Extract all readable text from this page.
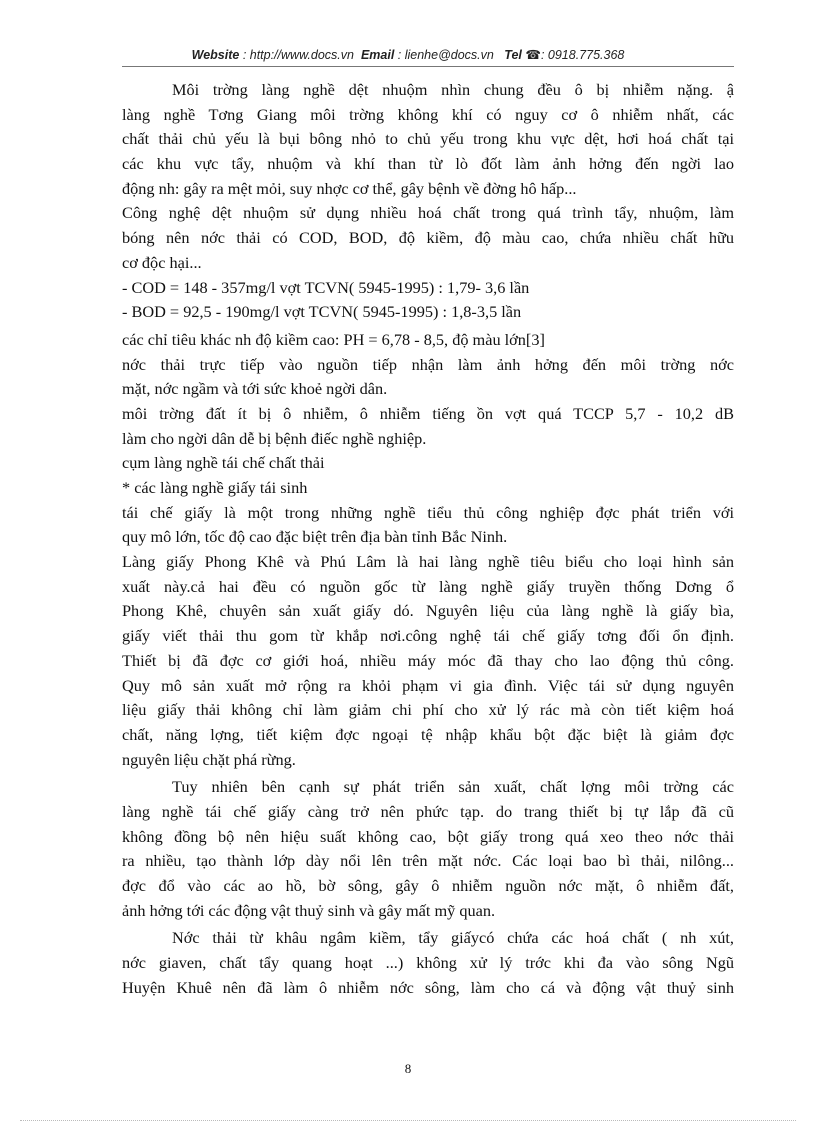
Website : http://www.docs.vn Email : lienhe@docs.vn Tel ☎: 0918.775.368
Môi trờng làng nghề dệt nhuộm nhìn chung đều ô bị nhiễm nặng. ậ
làng nghề Tơng Giang môi trờng không khí có nguy cơ ô nhiễm nhất, các
chất thải chủ yếu là bụi bông nhỏ to chủ yếu trong khu vực dệt, hơi hoá chất tại
các khu vực tẩy, nhuộm và khí than từ lò đốt làm ảnh hởng đến ngời lao
động nh: gây ra mệt mỏi, suy nhợc cơ thể, gây bệnh về đờng hô hấp...
Công nghệ dệt nhuộm sử dụng nhiều hoá chất trong quá trình tẩy, nhuộm, làm
bóng nên nớc thải có COD, BOD, độ kiềm, độ màu cao, chứa nhiều chất hữu
cơ độc hại...
- COD = 148 - 357mg/l vợt TCVN( 5945-1995) : 1,79- 3,6 lần
- BOD = 92,5 - 190mg/l vợt TCVN( 5945-1995) : 1,8-3,5 lần
các chỉ tiêu khác nh độ kiềm cao: PH = 6,78 - 8,5, độ màu lớn[3]
nớc thải trực tiếp vào nguồn tiếp nhận làm ảnh hởng đến môi trờng nớc
mặt, nớc ngầm và tới sức khoẻ ngời dân.
môi trờng đất ít bị ô nhiễm, ô nhiễm tiếng ồn vợt quá TCCP 5,7 - 10,2 dB
làm cho ngời dân dễ bị bệnh điếc nghề nghiệp.
cụm làng nghề tái chế chất thải
* các làng nghề giấy tái sinh
tái chế giấy là một trong những nghề tiểu thủ công nghiệp đợc phát triển với
quy mô lớn, tốc độ cao đặc biệt trên địa bàn tỉnh Bắc Ninh.
Làng giấy Phong Khê và Phú Lâm là hai làng nghề tiêu biểu cho loại hình sản
xuất này.cả hai đều có nguồn gốc từ làng nghề giấy truyền thống Dơng ổ
Phong Khê, chuyên sản xuất giấy dó. Nguyên liệu của làng nghề là giấy bìa,
giấy viết thải thu gom từ khắp nơi.công nghệ tái chế giấy tơng đối ổn định.
Thiết bị đã đợc cơ giới hoá, nhiều máy móc đã thay cho lao động thủ công.
Quy mô sản xuất mở rộng ra khỏi phạm vi gia đình. Việc tái sử dụng nguyên
liệu giấy thải không chỉ làm giảm chi phí cho xử lý rác mà còn tiết kiệm hoá
chất, năng lợng, tiết kiệm đợc ngoại tệ nhập khẩu bột đặc biệt là giảm đợc
nguyên liệu chặt phá rừng.
Tuy nhiên bên cạnh sự phát triển sản xuất, chất lợng môi trờng các
làng nghề tái chế giấy càng trở nên phức tạp. do trang thiết bị tự lắp đã cũ
không đồng bộ nên hiệu suất không cao, bột giấy trong quá xeo theo nớc thải
ra nhiều, tạo thành lớp dày nổi lên trên mặt nớc. Các loại bao bì thải, nilông...
đợc đổ vào các ao hồ, bờ sông, gây ô nhiễm nguồn nớc mặt, ô nhiễm đất,
ảnh hởng tới các động vật thuỷ sinh và gây mất mỹ quan.
Nớc thải từ khâu ngâm kiềm, tẩy giấycó chứa các hoá chất ( nh xút,
nớc giaven, chất tẩy quang hoạt ...) không xử lý trớc khi đa vào sông Ngũ
Huyện Khuê nên đã làm ô nhiễm nớc sông, làm cho cá và động vật thuỷ sinh
8
